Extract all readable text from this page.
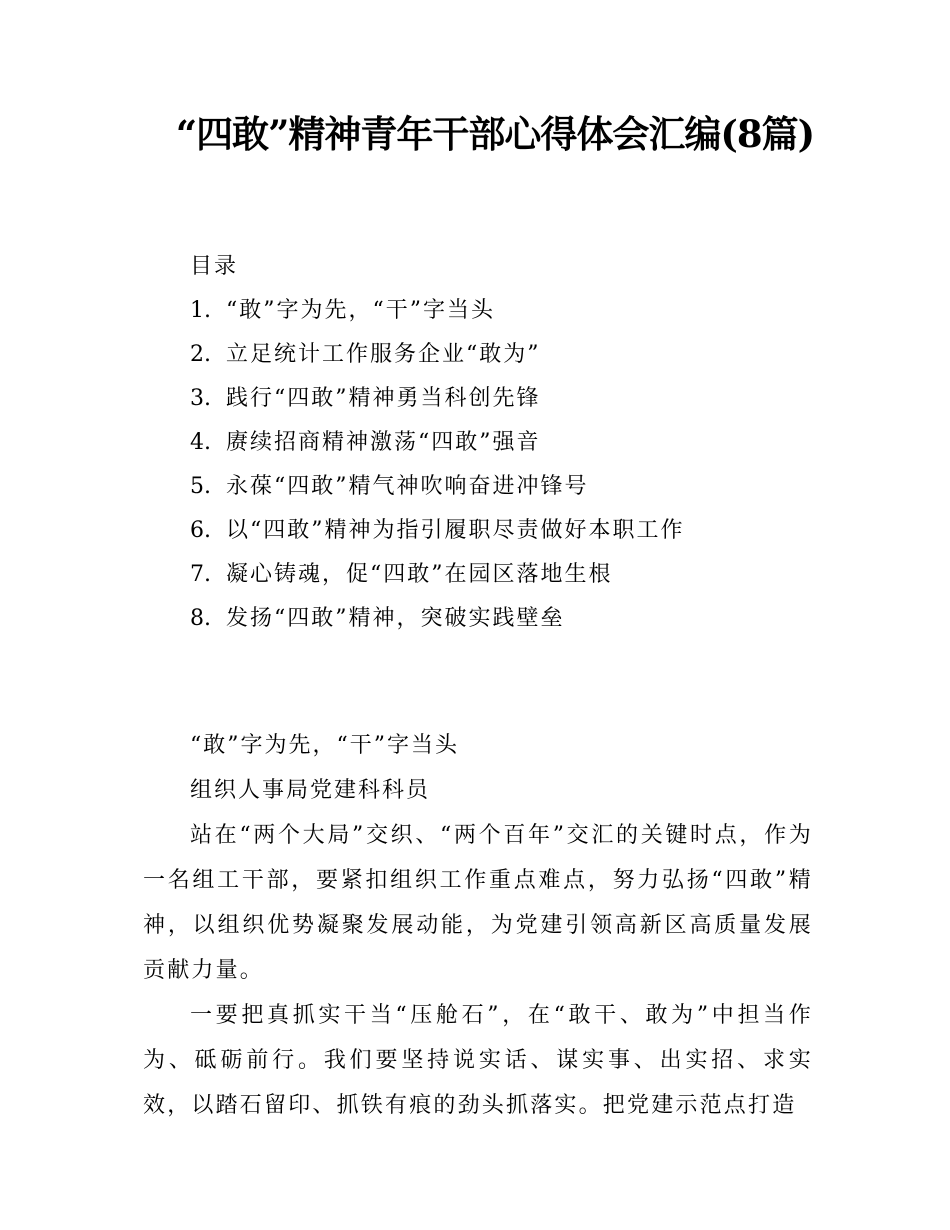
“四敢”精神青年干部心得体会汇编(8篇)
目录
1. “敢”字为先，“干”字当头
2. 立足统计工作服务企业“敢为”
3. 践行“四敢”精神勇当科创先锋
4. 赓续招商精神激荡“四敢”强音
5. 永葆“四敢”精气神吹响奋进冲锋号
6. 以“四敢”精神为指引履职尽责做好本职工作
7. 凝心铸魂，促“四敢”在园区落地生根
8. 发扬“四敢”精神，突破实践壁垒
“敢”字为先，“干”字当头
组织人事局党建科科员

站在“两个大局”交织、“两个百年”交汇的关键时点，作为一名组工干部，要紧扣组织工作重点难点，努力弘扬“四敢”精神，以组织优势凝聚发展动能，为党建引领高新区高质量发展贡献力量。

一要把真抓实干当“压舱石”，在“敢干、敢为”中担当作为、砥砺前行。我们要坚持说实话、谋实事、出实招、求实效，以踏石留印、抓铁有痕的劲头抓落实。把党建示范点打造
